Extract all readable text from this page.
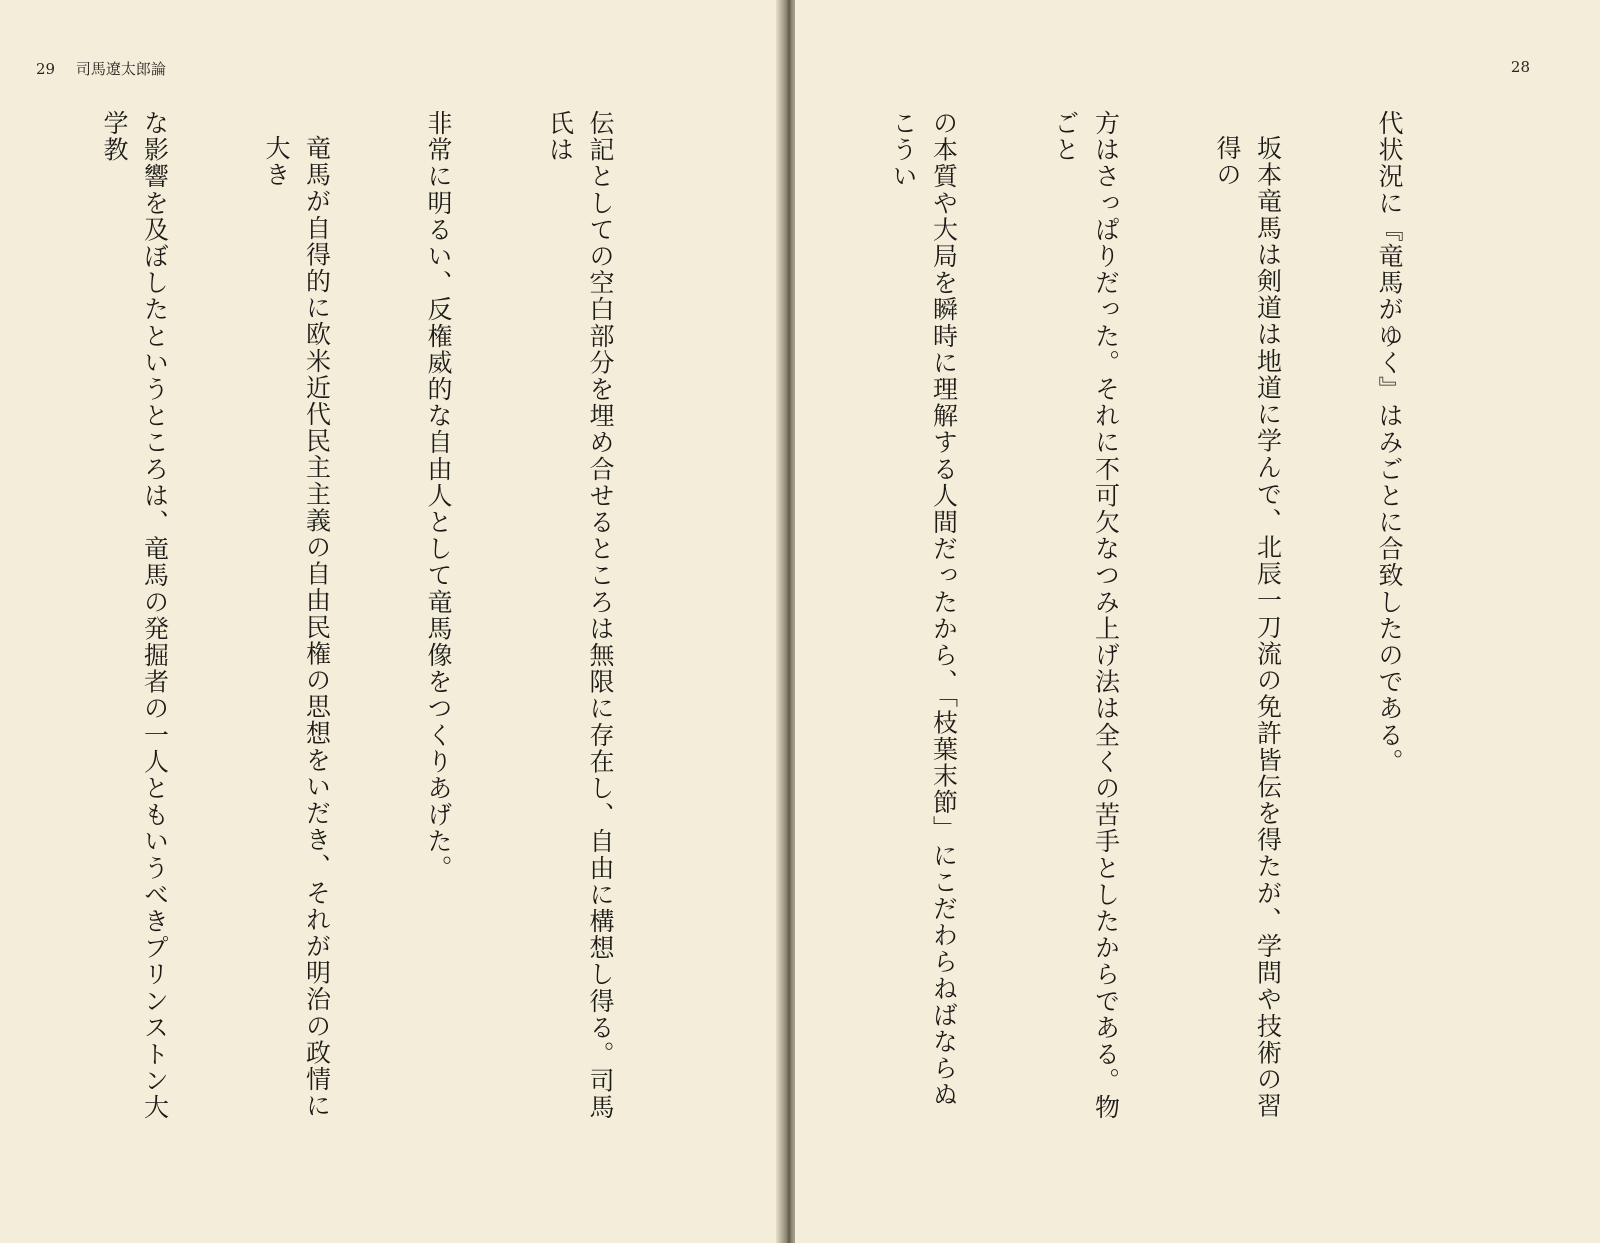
29 司馬遼太郎論

伝記としての空白部分を埋め合せるところは無限に存在し、自由に構想し得る。司馬氏は

非常に明るい、反権威的な自由人として竜馬像をつくりあげた。

竜馬が自得的に欧米近代民主主義の自由民権の思想をいだき、それが明治の政情に大き

な影響を及ぼしたというところは、竜馬の発掘者の一人ともいうべきプリンストン大学教

28

代状況に『竜馬がゆく』はみごとに合致したのである。

坂本竜馬は剣道は地道に学んで、北辰一刀流の免許皆伝を得たが、学問や技術の習得の

方はさっぱりだった。それに不可欠なつみ上げ法は全くの苦手としたからである。物ごと

の本質や大局を瞬時に理解する人間だったから、「枝葉末節」にこだわらねばならぬこうい
